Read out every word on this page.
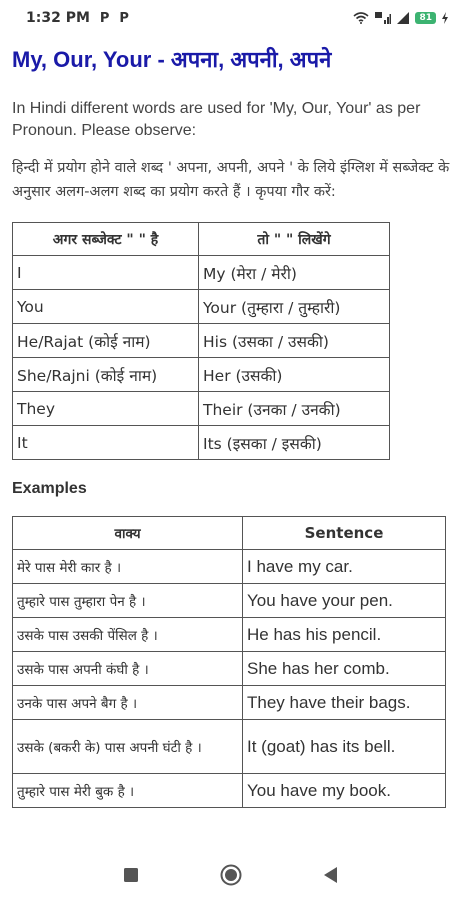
1:32 PM P P	81
My, Our, Your - अपना, अपनी, अपने

In Hindi different words are used for 'My, Our, Your' as per Pronoun. Please observe:

हिन्दी में प्रयोग होने वाले शब्द ' अपना, अपनी, अपने ' के लिये इंग्लिश में सब्जेक्ट के अनुसार अलग-अलग शब्द का प्रयोग करते हैं । कृपया गौर करें:

अगर सब्जेक्ट " " है	तो " " लिखेंगे
I	My (मेरा / मेरी)
You	Your (तुम्हारा / तुम्हारी)
He/Rajat (कोई नाम)	His (उसका / उसकी)
She/Rajni (कोई नाम)	Her (उसकी)
They	Their (उनका / उनकी)
It	Its (इसका / इसकी)
Examples
वाक्य	Sentence
मेरे पास मेरी कार है ।	I have my car.
तुम्हारे पास तुम्हारा पेन है ।	You have your pen.
उसके पास उसकी पेंसिल है ।	He has his pencil.
उसके पास अपनी कंघी है ।	She has her comb.
उनके पास अपने बैग है ।	They have their bags.
उसके (बकरी के) पास अपनी घंटी है ।	It (goat) has its bell.
तुम्हारे पास मेरी बुक है ।	You have my book.
